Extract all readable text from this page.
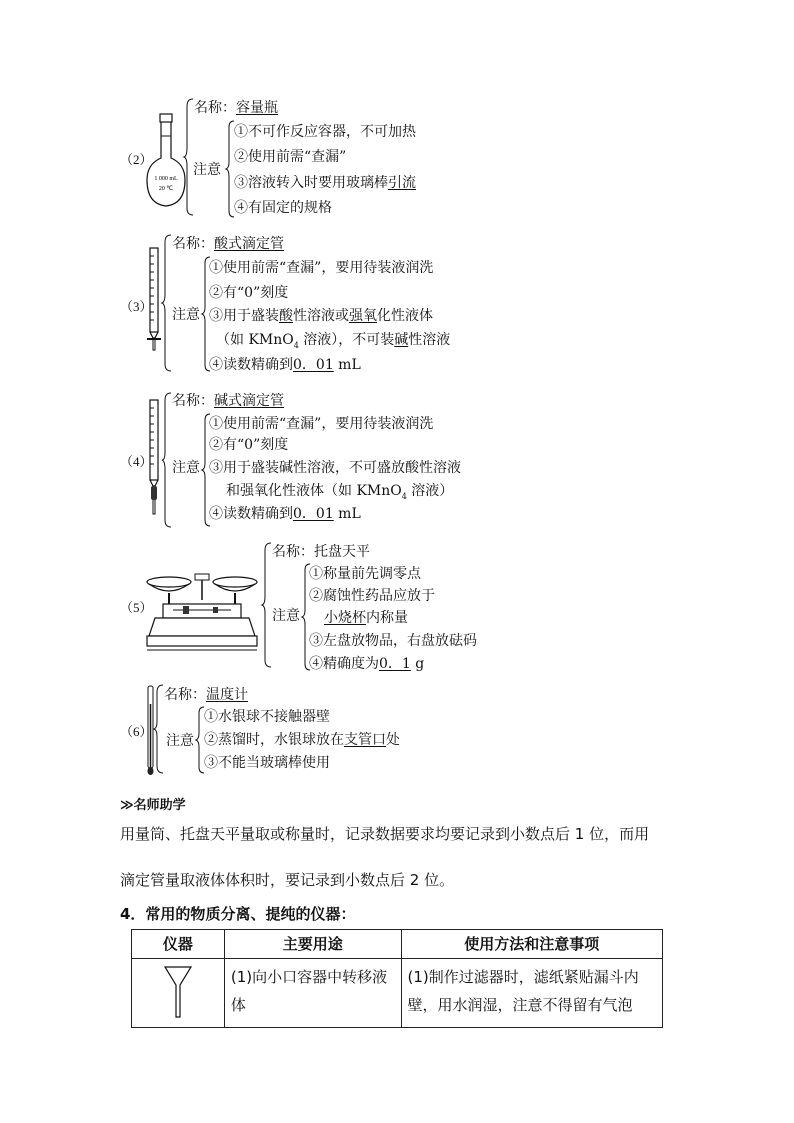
（2）
1 000 mL
20 ℃
名称：容量瓶
注意
①不可作反应容器，不可加热
②使用前需“查漏”
③溶液转入时要用玻璃棒引流
④有固定的规格
（3）
名称：酸式滴定管
注意
①使用前需“查漏”，要用待装液润洗
②有“0”刻度
③用于盛装酸性溶液或强氧化性液体
（如 KMnO$_4$ 溶液），不可装碱性溶液
④读数精确到0．01 mL
（4）
名称：碱式滴定管
注意
①使用前需“查漏”，要用待装液润洗
②有“0”刻度
③用于盛装碱性溶液，不可盛放酸性溶液
和强氧化性液体（如 KMnO$_4$ 溶液）
④读数精确到0．01 mL
（5）
名称：托盘天平
注意
①称量前先调零点
②腐蚀性药品应放于
小烧杯内称量
③左盘放物品，右盘放砝码
④精确度为0．1 g
（6）
名称：温度计
注意
①水银球不接触器壁
②蒸馏时，水银球放在支管口处
③不能当玻璃棒使用
≫名师助学
用量筒、托盘天平量取或称量时，记录数据要求均要记录到小数点后 1 位，而用
滴定管量取液体体积时，要记录到小数点后 2 位。
4．常用的物质分离、提纯的仪器：
仪器	主要用途	使用方法和注意事项
	(1)向小口容器中转移液体	(1)制作过滤器时，滤纸紧贴漏斗内壁，用水润湿，注意不得留有气泡
